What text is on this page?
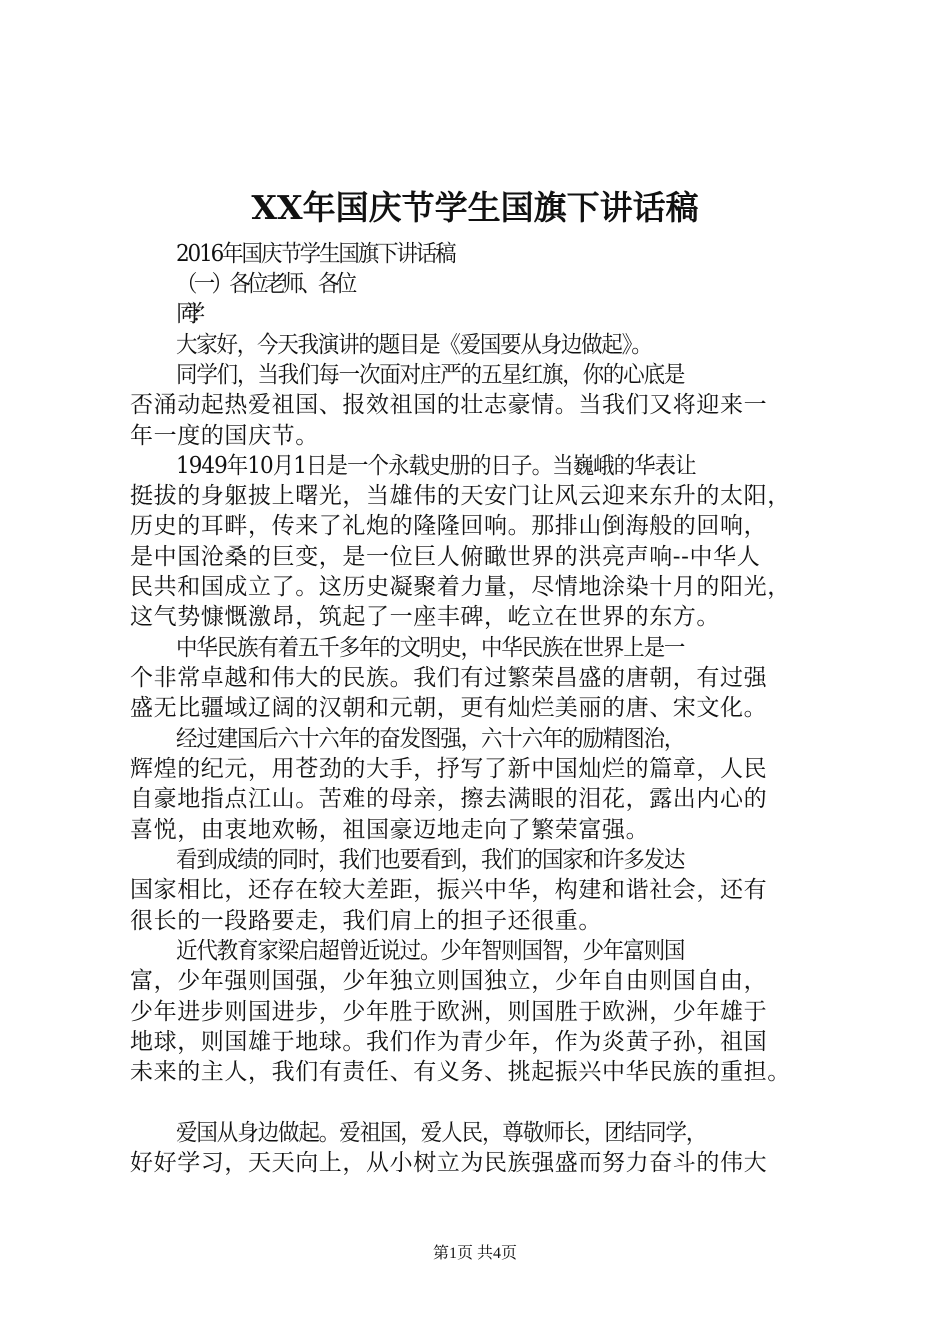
XX年国庆节学生国旗下讲话稿
2016年国庆节学生国旗下讲话稿
（一）各位老师、各位
同学：
大家好，今天我演讲的题目是《爱国要从身边做起》。
同学们，当我们每一次面对庄严的五星红旗，你的心底是
否涌动起热爱祖国、报效祖国的壮志豪情。当我们又将迎来一
年一度的国庆节。
1949年10月1日是一个永载史册的日子。当巍峨的华表让
挺拔的身躯披上曙光，当雄伟的天安门让风云迎来东升的太阳，
历史的耳畔，传来了礼炮的隆隆回响。那排山倒海般的回响，
是中国沧桑的巨变，是一位巨人俯瞰世界的洪亮声响--中华人
民共和国成立了。这历史凝聚着力量，尽情地涂染十月的阳光，
这气势慷慨激昂，筑起了一座丰碑，屹立在世界的东方。
中华民族有着五千多年的文明史，中华民族在世界上是一
个非常卓越和伟大的民族。我们有过繁荣昌盛的唐朝，有过强
盛无比疆域辽阔的汉朝和元朝，更有灿烂美丽的唐、宋文化。
经过建国后六十六年的奋发图强，六十六年的励精图治，
辉煌的纪元，用苍劲的大手，抒写了新中国灿烂的篇章，人民
自豪地指点江山。苦难的母亲，擦去满眼的泪花，露出内心的
喜悦，由衷地欢畅，祖国豪迈地走向了繁荣富强。
看到成绩的同时，我们也要看到，我们的国家和许多发达
国家相比，还存在较大差距，振兴中华，构建和谐社会，还有
很长的一段路要走，我们肩上的担子还很重。
近代教育家梁启超曾近说过。少年智则国智，少年富则国
富，少年强则国强，少年独立则国独立，少年自由则国自由，
少年进步则国进步，少年胜于欧洲，则国胜于欧洲，少年雄于
地球，则国雄于地球。我们作为青少年，作为炎黄子孙，祖国
未来的主人，我们有责任、有义务、挑起振兴中华民族的重担。
爱国从身边做起。爱祖国，爱人民，尊敬师长，团结同学，
好好学习，天天向上，从小树立为民族强盛而努力奋斗的伟大
第1页 共4页
